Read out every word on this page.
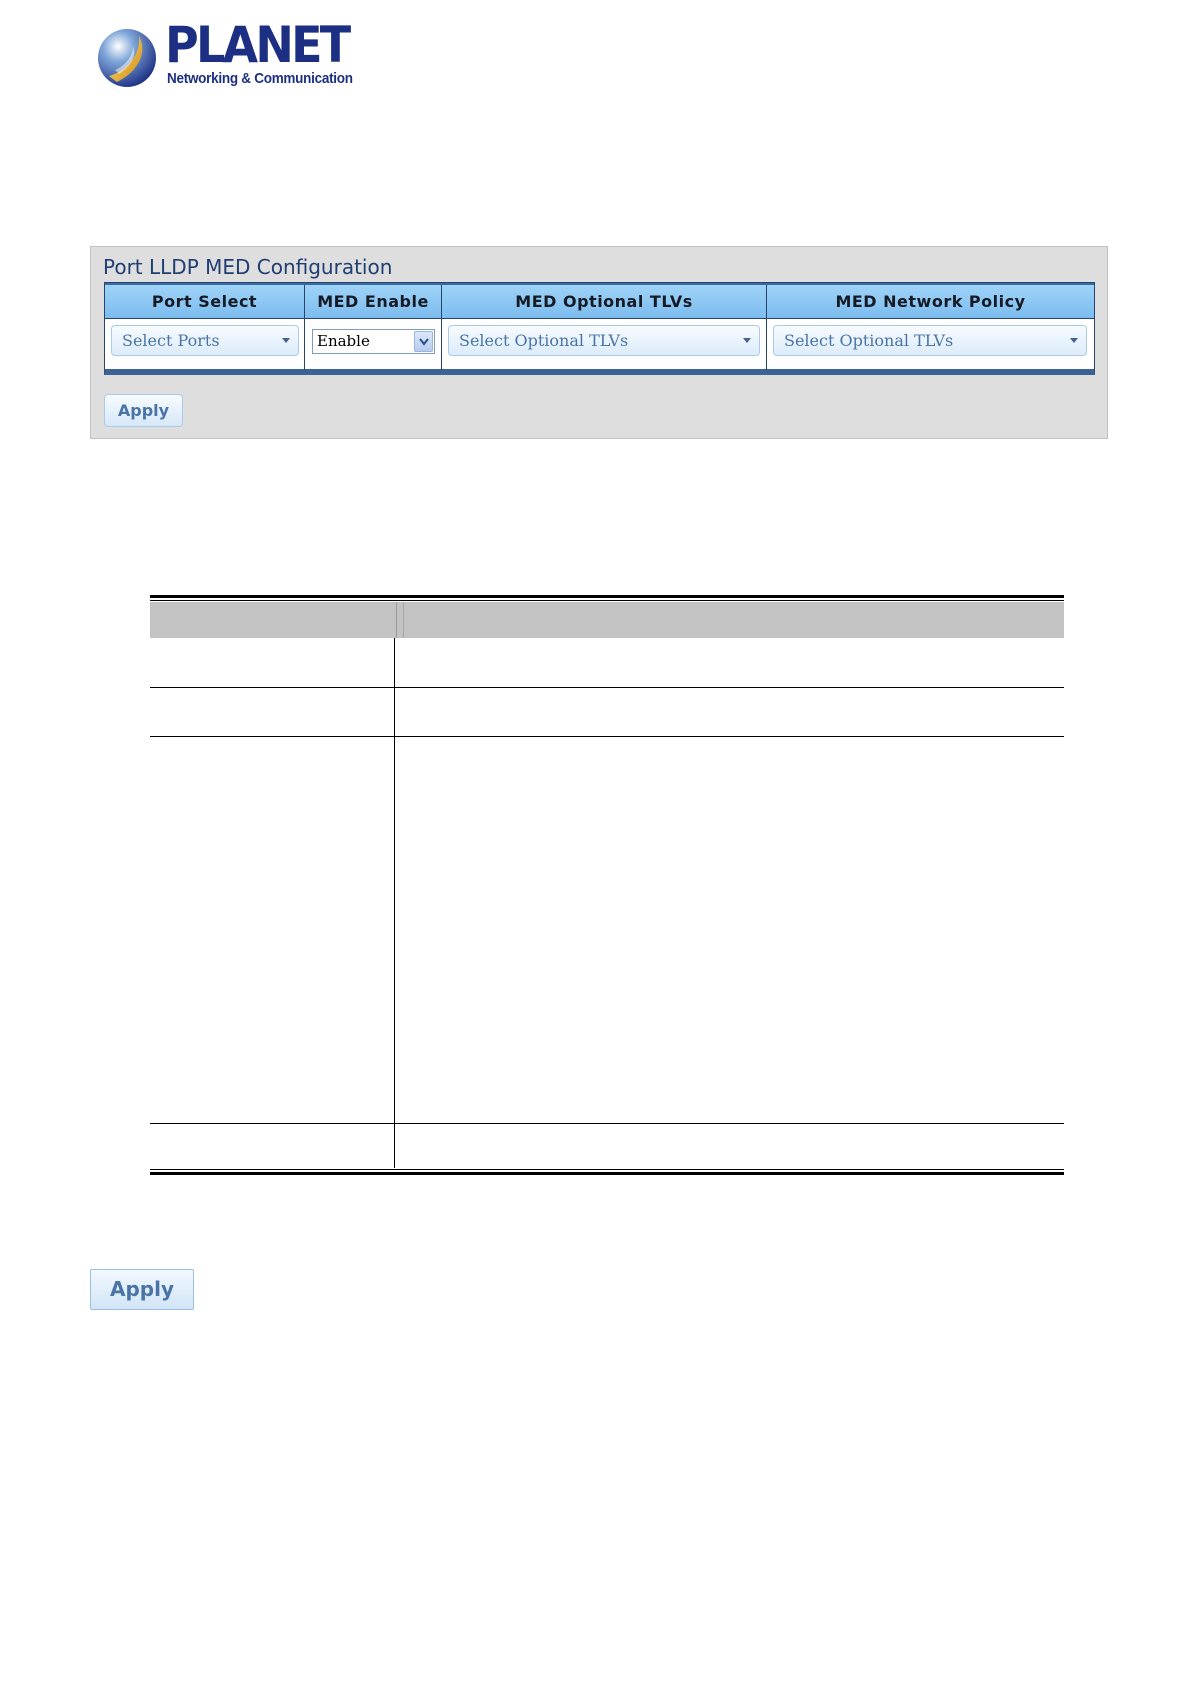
PLANET
Networking & Communication
Port LLDP MED Configuration
Port Select	MED Enable	MED Optional TLVs	MED Network Policy
Select Ports	Enable	Select Optional TLVs	Select Optional TLVs
Apply
Apply
